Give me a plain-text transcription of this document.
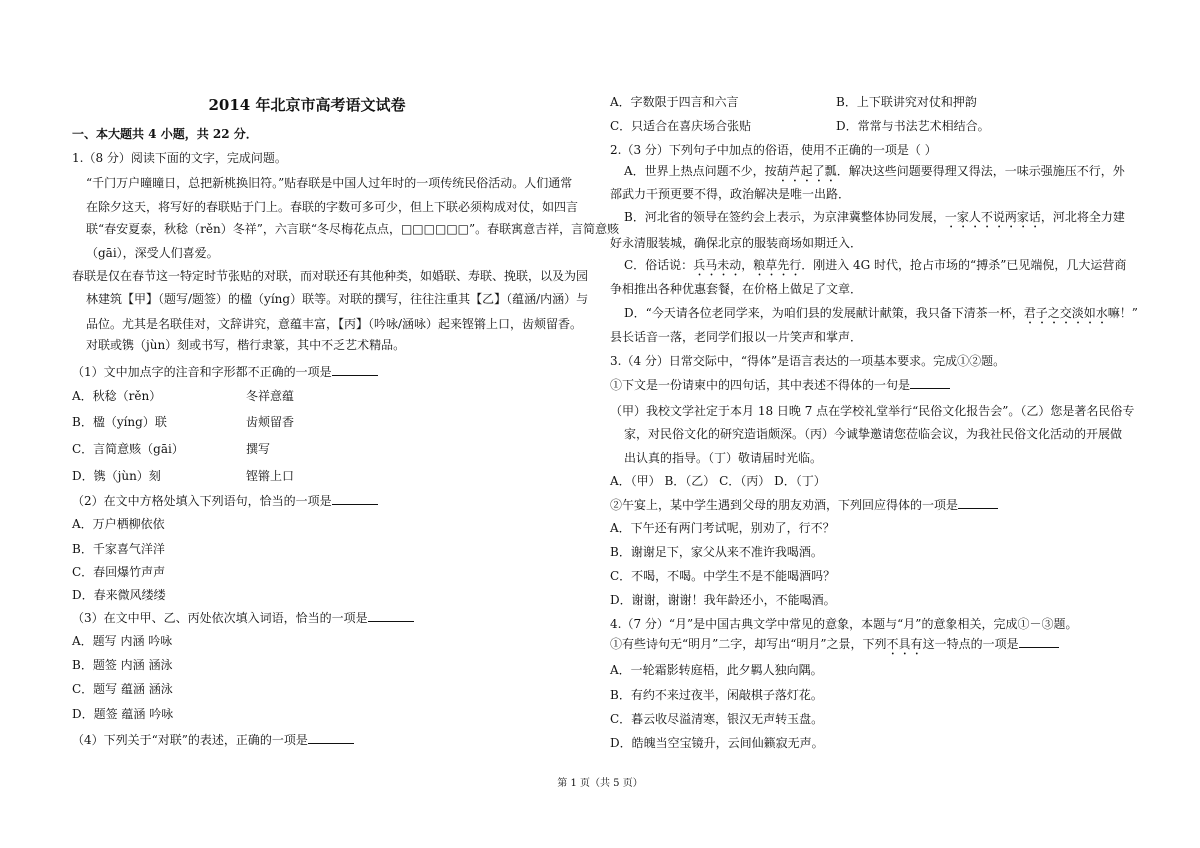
2014 年北京市高考语文试卷
一、本大题共 4 小题，共 22 分．
1.（8 分）阅读下面的文字，完成问题。
“千门万户曈曈日，总把新桃换旧符。”贴春联是中国人过年时的一项传统民俗活动。人们通常
在除夕这天，将写好的春联贴于门上。春联的字数可多可少，但上下联必须构成对仗，如四言
联“春安夏泰，秋稔（rěn）冬祥”，六言联“冬尽梅花点点，□□□□□□”。春联寓意吉祥，言简意赅
（gāi），深受人们喜爱。
春联是仅在春节这一特定时节张贴的对联，而对联还有其他种类，如婚联、寿联、挽联，以及为园
林建筑【甲】（题写/题签）的楹（yíng）联等。对联的撰写，往往注重其【乙】（蕴涵/内涵）与
品位。尤其是名联佳对，文辞讲究，意蕴丰富，【丙】（吟咏/涵咏）起来铿锵上口，齿颊留香。
对联或镌（jùn）刻或书写，楷行隶篆，其中不乏艺术精品。
（1）文中加点字的注音和字形都不正确的一项是
A．秋稔（rěn）	冬祥意蕴
B．楹（yíng）联	齿颊留香
C．言简意赅（gāi）	撰写
D．镌（jùn）刻	铿锵上口
（2）在文中方格处填入下列语句，恰当的一项是
A．万户栖柳依依
B．千家喜气洋洋
C．春回爆竹声声
D．春来微风缕缕
（3）在文中甲、乙、丙处依次填入词语，恰当的一项是
A．题写 内涵 吟咏
B．题签 内涵 涵泳
C．题写 蕴涵 涵泳
D．题签 蕴涵 吟咏
（4）下列关于“对联”的表述，正确的一项是
A．字数限于四言和六言	B．上下联讲究对仗和押韵
C．只适合在喜庆场合张贴	D．常常与书法艺术相结合。
2.（3 分）下列句子中加点的俗语，使用不正确的一项是（ ）
A．世界上热点问题不少，按葫芦起了瓢．解决这些问题要得理又得法，一味示强施压不行，外
部武力干预更要不得，政治解决是唯一出路．
B．河北省的领导在签约会上表示，为京津冀整体协同发展，一家人不说两家话，河北将全力建
好永清服装城，确保北京的服装商场如期迁入．
C．俗话说：兵马未动，粮草先行．刚进入 4G 时代，抢占市场的“搏杀”已见端倪，几大运营商
争相推出各种优惠套餐，在价格上做足了文章．
D．“今天请各位老同学来，为咱们县的发展献计献策，我只备下清茶一杯，君子之交淡如水嘛！”
县长话音一落，老同学们报以一片笑声和掌声．
3.（4 分）日常交际中，“得体”是语言表达的一项基本要求。完成①②题。
①下文是一份请柬中的四句话，其中表述不得体的一句是
（甲）我校文学社定于本月 18 日晚 7 点在学校礼堂举行“民俗文化报告会”。（乙）您是著名民俗专
家，对民俗文化的研究造诣颇深。（丙）今诚挚邀请您莅临会议，为我社民俗文化活动的开展做
出认真的指导。（丁）敬请届时光临。
A．（甲） B．（乙） C．（丙） D．（丁）
②午宴上，某中学生遇到父母的朋友劝酒，下列回应得体的一项是
A．下午还有两门考试呢，别劝了，行不？
B．谢谢足下，家父从来不准许我喝酒。
C．不喝，不喝。中学生不是不能喝酒吗？
D．谢谢，谢谢！我年龄还小，不能喝酒。
4.（7 分）“月”是中国古典文学中常见的意象，本题与“月”的意象相关，完成①－③题。
①有些诗句无“明月”二字，却写出“明月”之景，下列不具有这一特点的一项是
A．一轮霜影转庭梧，此夕羁人独向隅。
B．有约不来过夜半，闲敲棋子落灯花。
C．暮云收尽溢清寒，银汉无声转玉盘。
D．皓魄当空宝镜升，云间仙籁寂无声。
第 1 页（共 5 页）
